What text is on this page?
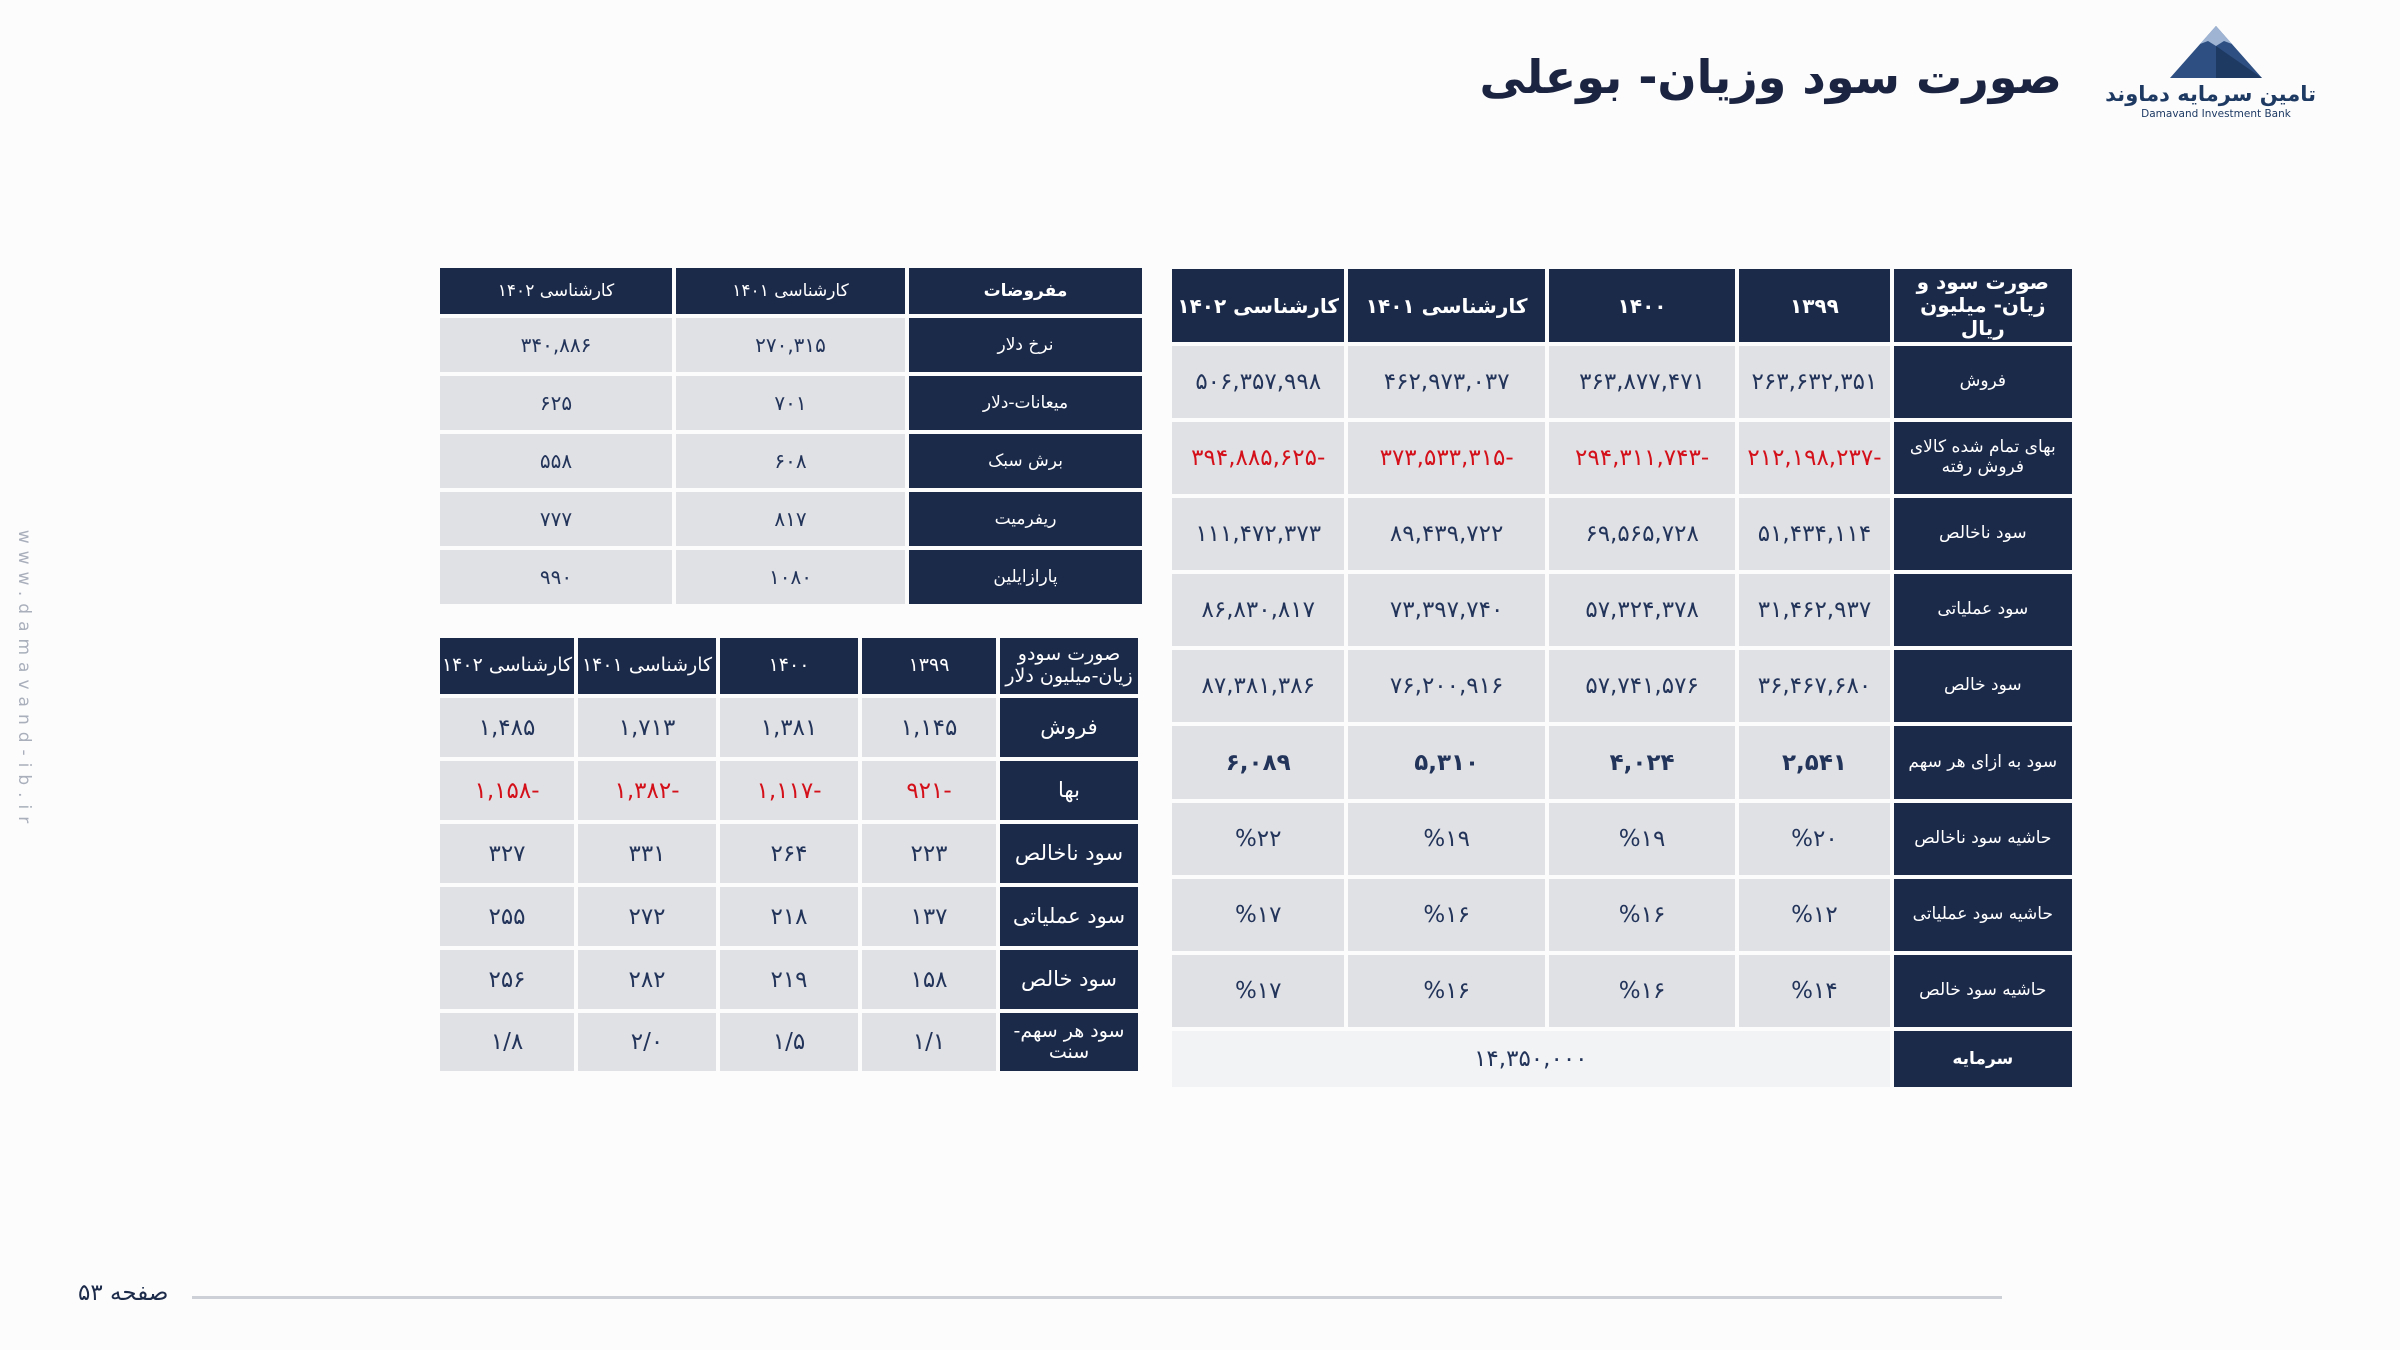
صورت سود وزیان- بوعلی تامین سرمایه دماوند
Damavand Investment Bank
www.damavand-ib.ir
صورت سود و زیان- میلیون ریال	۱۳۹۹	۱۴۰۰	کارشناسی ۱۴۰۱	کارشناسی ۱۴۰۲
فروش	۲۶۳,۶۳۲,۳۵۱	۳۶۳,۸۷۷,۴۷۱	۴۶۲,۹۷۳,۰۳۷	۵۰۶,۳۵۷,۹۹۸
بهای تمام شده کالای فروش رفته	-۲۱۲,۱۹۸,۲۳۷	-۲۹۴,۳۱۱,۷۴۳	-۳۷۳,۵۳۳,۳۱۵	-۳۹۴,۸۸۵,۶۲۵
سود ناخالص	۵۱,۴۳۴,۱۱۴	۶۹,۵۶۵,۷۲۸	۸۹,۴۳۹,۷۲۲	۱۱۱,۴۷۲,۳۷۳
سود عملیاتی	۳۱,۴۶۲,۹۳۷	۵۷,۳۲۴,۳۷۸	۷۳,۳۹۷,۷۴۰	۸۶,۸۳۰,۸۱۷
سود خالص	۳۶,۴۶۷,۶۸۰	۵۷,۷۴۱,۵۷۶	۷۶,۲۰۰,۹۱۶	۸۷,۳۸۱,۳۸۶
سود به ازای هر سهم	۲,۵۴۱	۴,۰۲۴	۵,۳۱۰	۶,۰۸۹
حاشیه سود ناخالص	%۲۰	%۱۹	%۱۹	%۲۲
حاشیه سود عملیاتی	%۱۲	%۱۶	%۱۶	%۱۷
حاشیه سود خالص	%۱۴	%۱۶	%۱۶	%۱۷
سرمایه	۱۴,۳۵۰,۰۰۰			
مفروضات	کارشناسی ۱۴۰۱	کارشناسی ۱۴۰۲
نرخ دلار	۲۷۰,۳۱۵	۳۴۰,۸۸۶
میعانات-دلار	۷۰۱	۶۲۵
برش سبک	۶۰۸	۵۵۸
ریفرمیت	۸۱۷	۷۷۷
پارازایلین	۱۰۸۰	۹۹۰
صورت سودو زیان-میلیون دلار	۱۳۹۹	۱۴۰۰	کارشناسی ۱۴۰۱	کارشناسی ۱۴۰۲
فروش	۱,۱۴۵	۱,۳۸۱	۱,۷۱۳	۱,۴۸۵
بها	-۹۲۱	-۱,۱۱۷	-۱,۳۸۲	-۱,۱۵۸
سود ناخالص	۲۲۳	۲۶۴	۳۳۱	۳۲۷
سود عملیاتی	۱۳۷	۲۱۸	۲۷۲	۲۵۵
سود خالص	۱۵۸	۲۱۹	۲۸۲	۲۵۶
سود هر سهم-سنت	۱/۱	۱/۵	۲/۰	۱/۸
صفحه ۵۳
